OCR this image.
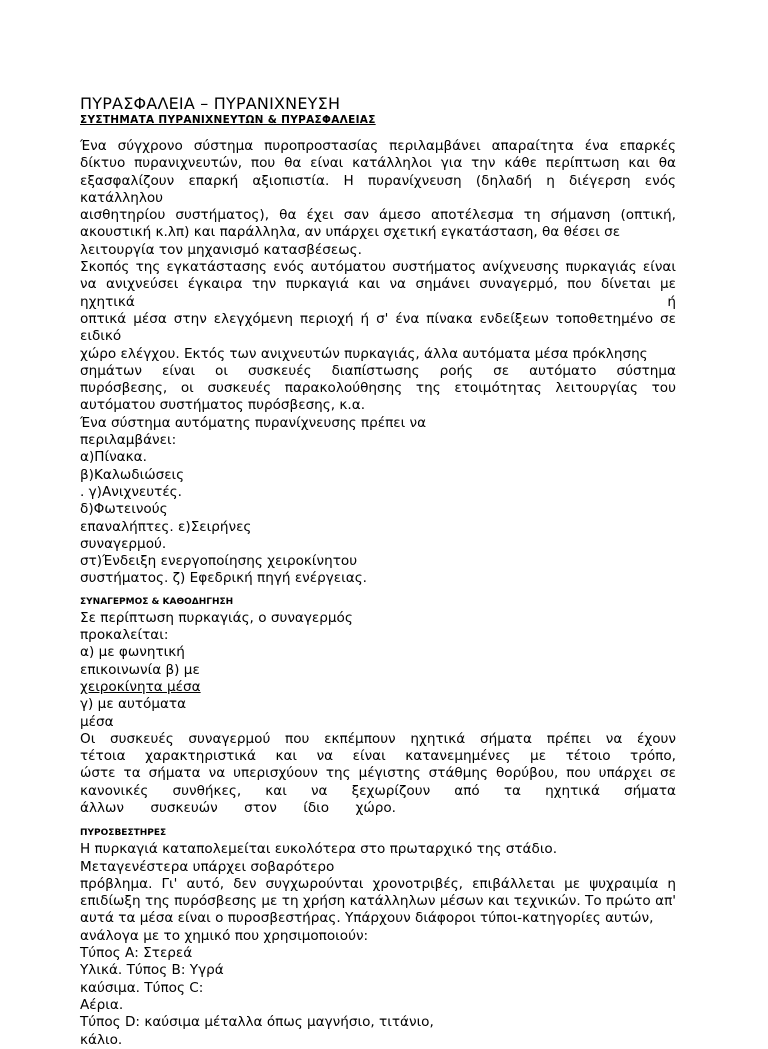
ΠΥΡΑΣΦΑΛΕΙΑ – ΠΥΡΑΝΙΧΝΕΥΣΗ
ΣΥΣΤΗΜΑΤΑ ΠΥΡΑΝΙΧΝΕΥΤΩΝ & ΠΥΡΑΣΦΑΛΕΙΑΣ

Ένα σύγχρονο σύστημα πυροπροστασίας περιλαμβάνει απαραίτητα ένα επαρκές

δίκτυο πυρανιχνευτών, που θα είναι κατάλληλοι για την κάθε περίπτωση και θα

εξασφαλίζουν επαρκή αξιοπιστία. Η πυρανίχνευση (δηλαδή η διέγερση ενός κατάλληλου

αισθητηρίου συστήματος), θα έχει σαν άμεσο αποτέλεσμα τη σήμανση (οπτική,

ακουστική κ.λπ) και παράλληλα, αν υπάρχει σχετική εγκατάσταση, θα θέσει σε

λειτουργία τον μηχανισμό κατασβέσεως.

Σκοπός της εγκατάστασης ενός αυτόματου συστήματος ανίχνευσης πυρκαγιάς είναι

να ανιχνεύσει έγκαιρα την πυρκαγιά και να σημάνει συναγερμό, που δίνεται με ηχητικά ή

οπτικά μέσα στην ελεγχόμενη περιοχή ή σ' ένα πίνακα ενδείξεων τοποθετημένο σε ειδικό

χώρο ελέγχου. Εκτός των ανιχνευτών πυρκαγιάς, άλλα αυτόματα μέσα πρόκλησης

σημάτων είναι οι συσκευές διαπίστωσης ροής σε αυτόματο σύστημα

πυρόσβεσης, οι συσκευές παρακολούθησης της ετοιμότητας λειτουργίας του

αυτόματου συστήματος πυρόσβεσης, κ.α.

Ένα σύστημα αυτόματης πυρανίχνευσης πρέπει να

περιλαμβάνει:

α)Πίνακα.

β)Καλωδιώσεις

. γ)Ανιχνευτές.

δ)Φωτεινούς

επαναλήπτες. ε)Σειρήνες

συναγερμού.

στ)Ένδειξη ενεργοποίησης χειροκίνητου

συστήματος. ζ) Εφεδρική πηγή ενέργειας.

ΣΥΝΑΓΕΡΜΟΣ & ΚΑΘΟΔΗΓΗΣΗ

Σε περίπτωση πυρκαγιάς, ο συναγερμός

προκαλείται:

α) με φωνητική

επικοινωνία β) με

χειροκίνητα μέσα

γ) με αυτόματα

μέσα

Οι συσκευές συναγερμού που εκπέμπουν ηχητικά σήματα πρέπει να έχουν

τέτοια χαρακτηριστικά και να είναι κατανεμημένες με τέτοιο τρόπο,

ώστε τα σήματα να υπερισχύουν της μέγιστης στάθμης θορύβου, που υπάρχει σε

κανονικές συνθήκες, και να ξεχωρίζουν από τα ηχητικά σήματα

άλλων συσκευών στον ίδιο χώρο.

ΠΥΡΟΣΒΕΣΤΗΡΕΣ

Η πυρκαγιά καταπολεμείται ευκολότερα στο πρωταρχικό της στάδιο.

Μεταγενέστερα υπάρχει σοβαρότερο

πρόβλημα. Γι' αυτό, δεν συγχωρούνται χρονοτριβές, επιβάλλεται με ψυχραιμία η

επιδίωξη της πυρόσβεσης με τη χρήση κατάλληλων μέσων και τεχνικών. Το πρώτο απ'

αυτά τα μέσα είναι ο πυροσβεστήρας. Υπάρχουν διάφοροι τύποι-κατηγορίες αυτών,

ανάλογα με το χημικό που χρησιμοποιούν:

Τύπος Α: Στερεά

Υλικά. Τύπος Β: Υγρά

καύσιμα. Τύπος C:

Αέρια.

Τύπος D: καύσιμα μέταλλα όπως μαγνήσιο, τιτάνιο,

κάλιο.
